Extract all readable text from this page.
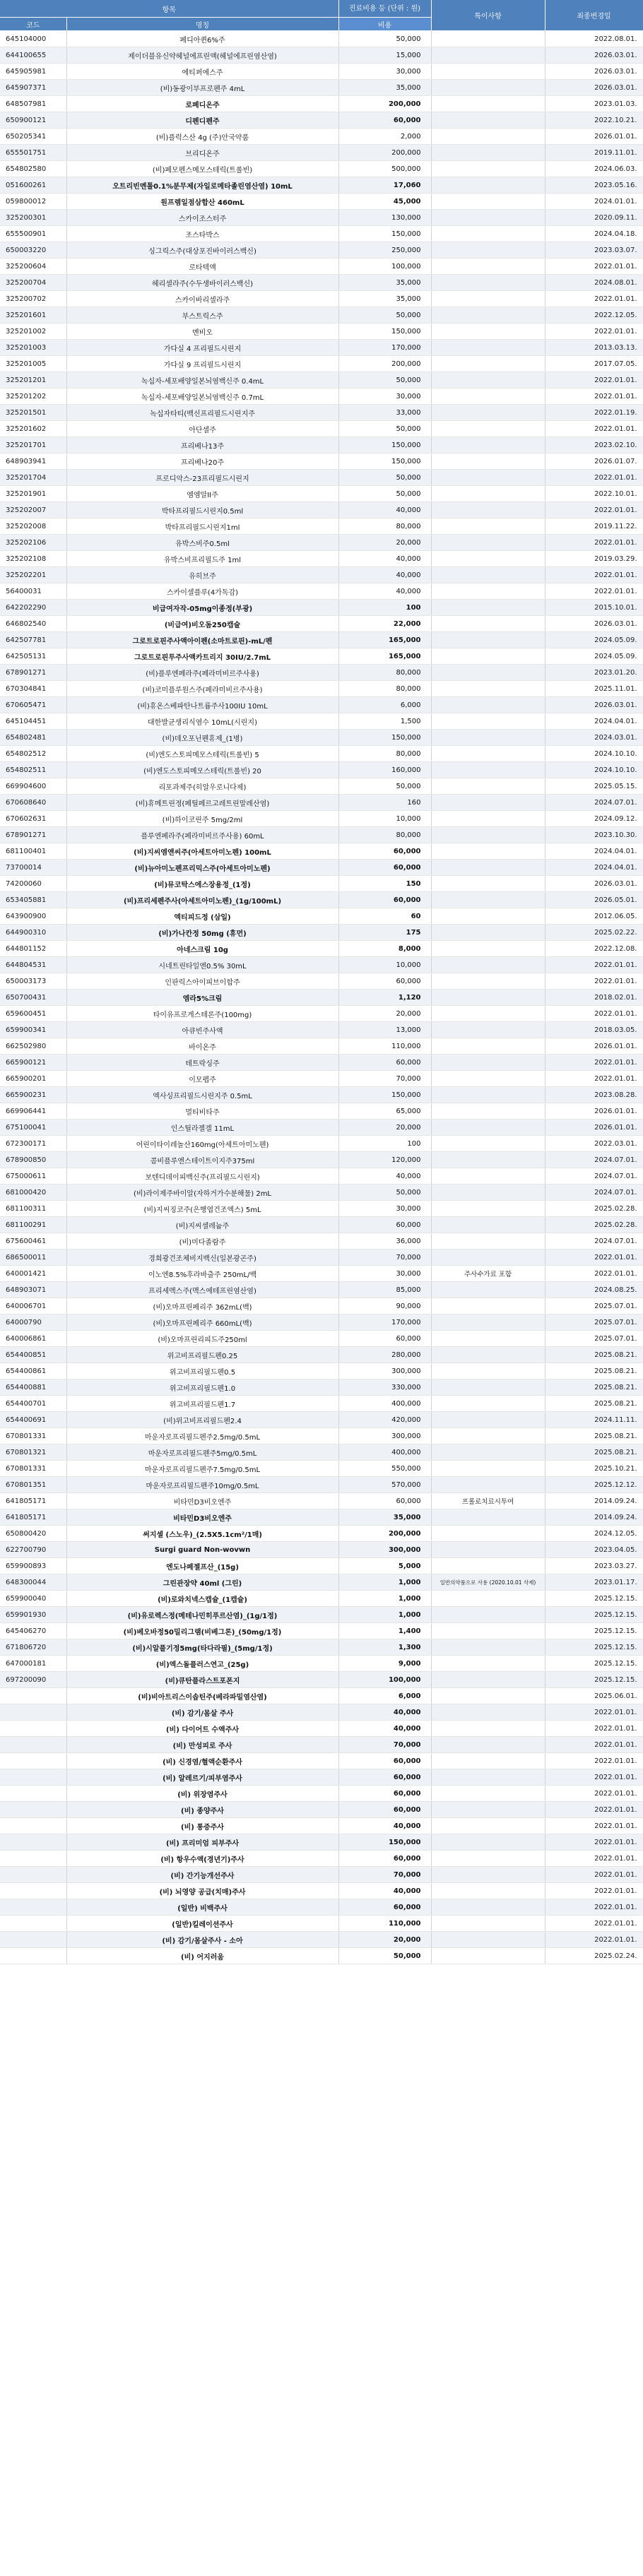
항목		진료비용 등 (단위 : 원)	특이사항	최종변경일
코드	명칭	비용		
645104000	페디아퀸6%주	50,000		2022.08.01.
644100655	제이더블유신약헤널에프린액(헤널에프린염산염)	15,000		2026.03.01.
645905981	에티퍼에스주	30,000		2026.03.01.
645907371	(비)동광이부프로펜주 4mL	35,000		2026.03.01.
648507981	로페디온주	200,000		2023.01.03.
650900121	디펜디펜주	60,000		2022.10.21.
650205341	(비)플럭스산 4g (주)안국약품	2,000		2026.01.01.
655501751	브리디온주	200,000		2019.11.01.
654802580	(비)페모펜스메모스테릭(트롤빈)	500,000		2024.06.03.
051600261	오트리빈멘톨0.1%분무제(자일로메타졸린염산염) 10mL	17,060		2023.05.16.
059800012	원프렘일점삼합산 460mL	45,000		2024.01.01.
325200301	스카이조스터주	130,000		2020.09.11.
655500901	조스타박스	150,000		2024.04.18.
650003220	싱그릭스주(대상포진바이러스백신)	250,000		2023.03.07.
325200604	로타텍액	100,000		2022.01.01.
325200704	헤리셀라주(수두생바이러스백신)	35,000		2024.08.01.
325200702	스카이바리셀라주	35,000		2022.01.01.
325201601	부스트릭스주	50,000		2022.12.05.
325201002	멘비오	150,000		2022.01.01.
325201003	가다실 4 프리필드시린지	170,000		2013.03.13.
325201005	가다실 9 프리필드시린지	200,000		2017.07.05.
325201201	녹십자-세포배양일본뇌염백신주 0.4mL	50,000		2022.01.01.
325201202	녹십자-세포배양일본뇌염백신주 0.7mL	30,000		2022.01.01.
325201501	녹십자타티(백신프리필드시린지주	33,000		2022.01.19.
325201602	아단셀주	50,000		2022.01.01.
325201701	프리베나13주	150,000		2023.02.10.
648903941	프리베나20주	150,000		2026.01.07.
325201704	프로디악스-23프리필드시린지	50,000		2022.01.01.
325201901	엠엠알II주	50,000		2022.10.01.
325202007	박타프리필드시린지0.5ml	40,000		2022.01.01.
325202008	박타프리필드시린지1ml	80,000		2019.11.22.
325202106	유박스비주0.5ml	20,000		2022.01.01.
325202108	유박스비프리필드주 1ml	40,000		2019.03.29.
325202201	유히브주	40,000		2022.01.01.
56400031	스카이셀플루(4가독감)	40,000		2022.01.01.
642202290	비급여자작-05mg이종정(부광)	100		2015.10.01.
646802540	(비급여)비오돔250캡슐	22,000		2026.03.01.
642507781	그로트로핀주사액아이펜(소마트로핀)-mL/펜	165,000		2024.05.09.
642505131	그로트로핀투주사액카트리지 30IU/2.7mL	165,000		2024.05.09.
678901271	(비)플루엔페라주(페라미비르주사용)	80,000		2023.01.20.
670304841	(비)코미플루원스주(페라미비르주사용)	80,000		2025.11.01.
670605471	(비)휴온스베파탄나트륨주사100IU 10mL	6,000		2026.03.01.
645104451	대한발균생리식염수 10mL(시린지)	1,500		2024.04.01.
654802481	(비)데오포닌펜휴제_(1병)	150,000		2024.03.01.
654802512	(비)엔도스토피메모스테릭(트롤빈) 5	80,000		2024.10.10.
654802511	(비)엔도스토피메모스테릭(트롤빈) 20	160,000		2024.10.10.
669904600	리포과제주(히알우로니다제)	50,000		2025.05.15.
670608640	(비)휴메트린정(페틸페르고레트린말레산염)	160		2024.07.01.
670602631	(비)하이코린주 5mg/2ml	10,000		2024.09.12.
678901271	플루엔페라주(페라미비르주사용) 60mL	80,000		2023.10.30.
681100401	(비)지씨엠앤씨주(아세트아미노펜) 100mL	60,000		2024.04.01.
73700014	(비)뉴아미노펜프리믹스주(아세트아미노펜)	60,000		2024.04.01.
74200060	(비)뮤코탁스에스장용정_(1정)	150		2026.03.01.
653405881	(비)프리세펜주사(아세트아미노펜)_(1g/100mL)	60,000		2026.05.01.
643900900	엑티피드정 (삼일)	60		2012.06.05.
644900310	(비)가나칸정 50mg (휴먼)	175		2025.02.22.
644801152	아네스크림 10g	8,000		2022.12.08.
644804531	시네트린타일엔0.5% 30mL	10,000		2022.01.01.
650003173	인판릭스아이피브이합주	60,000		2022.01.01.
650700431	엠라5%크림	1,120		2018.02.01.
659600451	타이유프로게스테론주(100mg)	20,000		2022.01.01.
659900341	아큐빈주사액	13,000		2018.03.05.
662502980	바이온주	110,000		2026.01.01.
665900121	테트락싱주	60,000		2022.01.01.
665900201	이모펩주	70,000		2022.01.01.
665900231	엑사싱프리필드시린지주 0.5mL	150,000		2023.08.28.
669906441	멀티비타주	65,000		2026.01.01.
675100041	인스틸라젤겔 11mL	20,000		2026.01.01.
672300171	어린이타이레놀산160mg(아세트아미노펜)	100		2022.03.01.
678900850	콤비플루엔스테이트이지주375ml	120,000		2024.07.01.
675000611	보텐디데이피백신주(프리필드시린지)	40,000		2024.07.01.
681000420	(비)라이제주바이알(자하거가수분해물) 2mL	50,000		2024.07.01.
681100311	(비)지씨징코주(은행엽건조엑스) 5mL	30,000		2025.02.28.
681100291	(비)지씨셀레늄주	60,000		2025.02.28.
675600461	(비)미다졸람주	36,000		2024.07.01.
686500011	경희광건조체비지백신(일본광곤주)	70,000		2022.01.01.
640001421	이노엔8.5%후라바출주 250mL/백	30,000	주사수가료 포함	2022.01.01.
648903071	프리세멕스주(맥스에테프린염산염)	85,000		2024.08.25.
640006701	(비)오마프린페리주 362mL(백)	90,000		2025.07.01.
64000790	(비)오마프린페리주 660mL(백)	170,000		2025.07.01.
640006861	(비)오마프린리피드주250ml	60,000		2025.07.01.
654400851	위고비프리필드펜0.25	280,000		2025.08.21.
654400861	위고비프리필드펜0.5	300,000		2025.08.21.
654400881	위고비프리필드펜1.0	330,000		2025.08.21.
654400701	위고비프리필드펜1.7	400,000		2025.08.21.
654400691	(비)위고비프리필드펜2.4	420,000		2024.11.11.
670801331	마운자로프리필드펜주2.5mg/0.5mL	300,000		2025.08.21.
670801321	마운자로프리필드펜주5mg/0.5mL	400,000		2025.08.21.
670801331	마운자로프리필드펜주7.5mg/0.5mL	550,000		2025.10.21.
670801351	마운자로프리필드펜주10mg/0.5mL	570,000		2025.12.12.
641805171	비타민D3비오엔주	60,000	프롤로치료시투여	2014.09.24.
641805171	비타민D3비오엔주	35,000		2014.09.24.
650800420	써지셀 (스노우)_(2.5X5.1cm²/1매)	200,000		2024.12.05.
622700790	Surgi guard Non-wovwn	300,000		2023.04.05.
659900893	엔도나페젤프산_(15g)	5,000		2023.03.27.
648300044	그린관장약 40ml (그린)	1,000	일반의약품으로 사용 (2020.10.01 삭제)	2023.01.17.
659900040	(비)로와치넥스캡슐_(1캡슐)	1,000		2025.12.15.
659901930	(비)유로렉스정(메테나민히푸르산염)_(1g/1정)	1,000		2025.12.15.
645406270	(비)베오바정50밀리그램(비베그론)_(50mg/1정)	1,400		2025.12.15.
671806720	(비)시알플기정5mg(타다라필)_(5mg/1정)	1,300		2025.12.15.
647000181	(비)엑스돌플러스연고_(25g)	9,000		2025.12.15.
697200090	(비)큐탄플라스트포폰지	100,000		2025.12.15.
	(비)비아트리스이솝틴주(베라파밀염산염)	6,000		2025.06.01.
	(비) 감기/몸살 주사	40,000		2022.01.01.
	(비) 다이어트 수액주사	40,000		2022.01.01.
	(비) 만성피로 주사	70,000		2022.01.01.
	(비) 신경염/혈액순환주사	60,000		2022.01.01.
	(비) 알레르기/피부염주사	60,000		2022.01.01.
	(비) 위장염주사	60,000		2022.01.01.
	(비) 종양주사	60,000		2022.01.01.
	(비) 통증주사	40,000		2022.01.01.
	(비) 프리미엄 피부주사	150,000		2022.01.01.
	(비) 항우수액(경년기)주사	60,000		2022.01.01.
	(비) 간기능개선주사	70,000		2022.01.01.
	(비) 뇌영양 공급(치매)주사	40,000		2022.01.01.
	(일반) 비백주사	60,000		2022.01.01.
	(일반)킬레이션주사	110,000		2022.01.01.
	(비) 감기/몸살주사 - 소아	20,000		2022.01.01.
	(비) 어지러움	50,000		2025.02.24.
